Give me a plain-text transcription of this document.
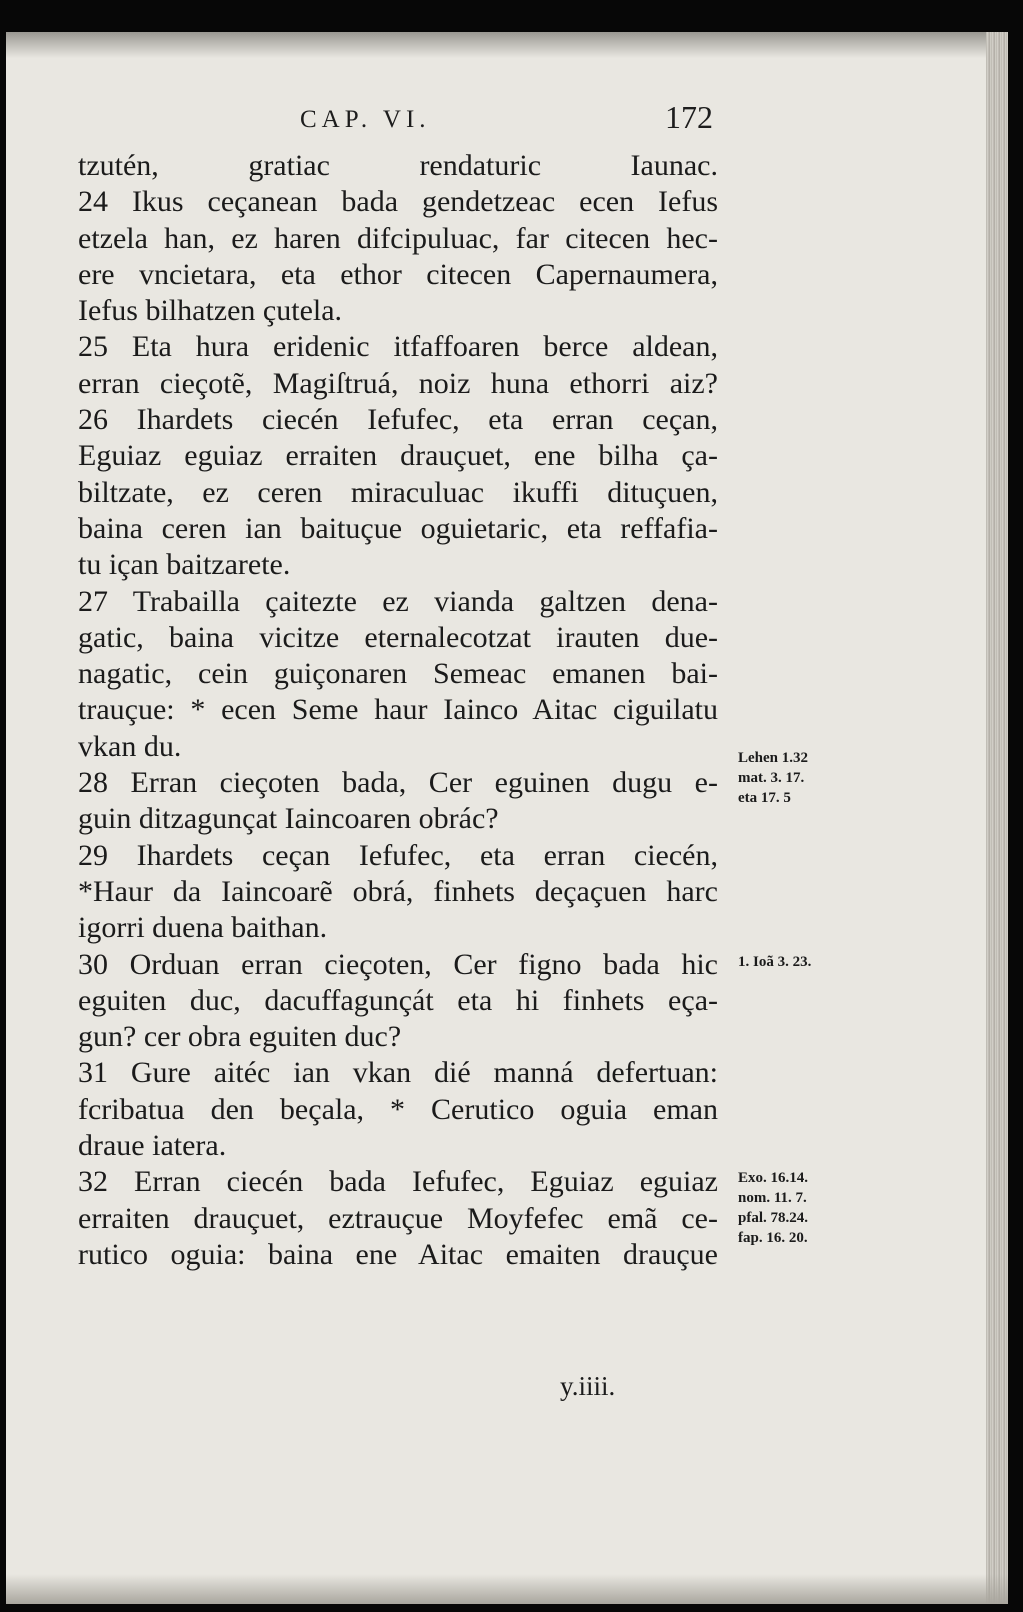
CAP. VI.	172
tzutén, gratiac rendaturic Iaunac.
24 Ikus ceçanean bada gendetzeac ecen Iefus
etzela han, ez haren difcipuluac, far citecen hec-
ere vncietara, eta ethor citecen Capernaumera,
Iefus bilhatzen çutela.
25 Eta hura eridenic itfaffoaren berce aldean,
erran cieçotẽ, Magiſtruá, noiz huna ethorri aiz?
26 Ihardets ciecén Iefufec, eta erran ceçan,
Eguiaz eguiaz erraiten drauçuet, ene bilha ça-
biltzate, ez ceren miraculuac ikuffi dituçuen,
baina ceren ian baituçue oguietaric, eta reffafia-
tu içan baitzarete.
27 Trabailla çaitezte ez vianda galtzen dena-
gatic, baina vicitze eternalecotzat irauten due-
nagatic, cein guiçonaren Semeac emanen bai-
trauçue: * ecen Seme haur Iainco Aitac ciguilatu
vkan du.
28 Erran cieçoten bada, Cer eguinen dugu e-
guin ditzagunçat Iaincoaren obrác?
29 Ihardets ceçan Iefufec, eta erran ciecén,
*Haur da Iaincoarẽ obrá, finhets deçaçuen harc
igorri duena baithan.
30 Orduan erran cieçoten, Cer figno bada hic
eguiten duc, dacuffagunçát eta hi finhets eça-
gun? cer obra eguiten duc?
31 Gure aitéc ian vkan dié manná defertuan:
fcribatua den beçala, * Cerutico oguia eman
draue iatera.
32 Erran ciecén bada Iefufec, Eguiaz eguiaz
erraiten drauçuet, eztrauçue Moyfefec emã ce-
rutico oguia: baina ene Aitac emaiten drauçue
Lehen 1.32
mat. 3. 17.
eta 17. 5
1. Ioã 3. 23.
Exo. 16.14.
nom. 11. 7.
pfal. 78.24.
fap. 16. 20.
y.iiii.
